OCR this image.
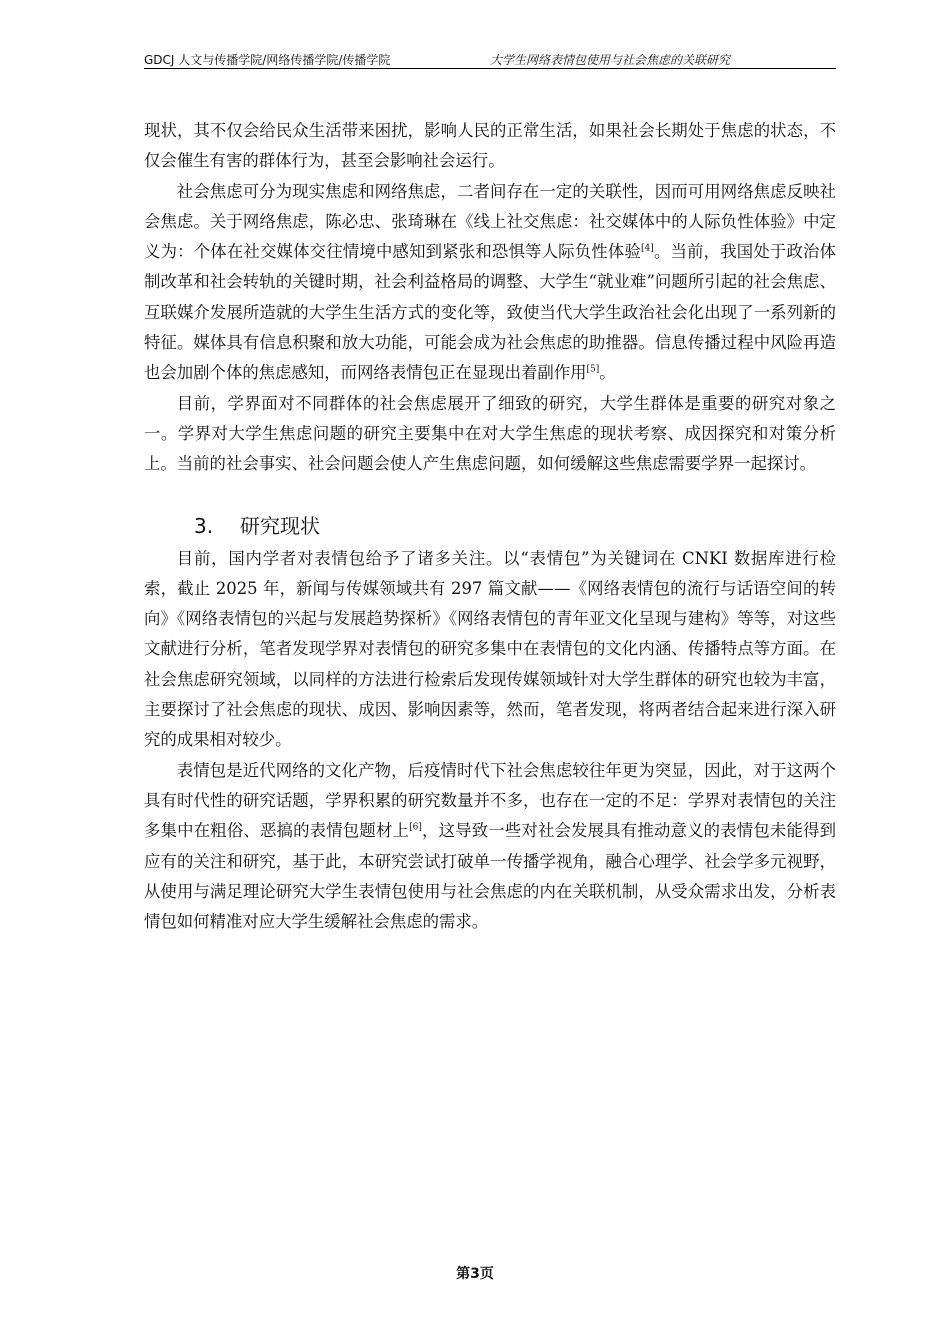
GDCJ 人文与传播学院/网络传播学院/传播学院	大学生网络表情包使用与社会焦虑的关联研究

现状，其不仅会给民众生活带来困扰，影响人民的正常生活，如果社会长期处于焦虑的状态，不仅会催生有害的群体行为，甚至会影响社会运行。

社会焦虑可分为现实焦虑和网络焦虑，二者间存在一定的关联性，因而可用网络焦虑反映社会焦虑。关于网络焦虑，陈必忠、张琦琳在《线上社交焦虑：社交媒体中的人际负性体验》中定义为：个体在社交媒体交往情境中感知到紧张和恐惧等人际负性体验[4]。当前，我国处于政治体制改革和社会转轨的关键时期，社会利益格局的调整、大学生“就业难”问题所引起的社会焦虑、互联媒介发展所造就的大学生生活方式的变化等，致使当代大学生政治社会化出现了一系列新的特征。媒体具有信息积聚和放大功能，可能会成为社会焦虑的助推器。信息传播过程中风险再造也会加剧个体的焦虑感知，而网络表情包正在显现出着副作用[5]。

目前，学界面对不同群体的社会焦虑展开了细致的研究，大学生群体是重要的研究对象之一。学界对大学生焦虑问题的研究主要集中在对大学生焦虑的现状考察、成因探究和对策分析上。当前的社会事实、社会问题会使人产生焦虑问题，如何缓解这些焦虑需要学界一起探讨。

3. 研究现状

目前，国内学者对表情包给予了诸多关注。以“表情包”为关键词在 CNKI 数据库进行检索，截止 2025 年，新闻与传媒领域共有 297 篇文献——《网络表情包的流行与话语空间的转向》《网络表情包的兴起与发展趋势探析》《网络表情包的青年亚文化呈现与建构》等等，对这些文献进行分析，笔者发现学界对表情包的研究多集中在表情包的文化内涵、传播特点等方面。在社会焦虑研究领域，以同样的方法进行检索后发现传媒领域针对大学生群体的研究也较为丰富，主要探讨了社会焦虑的现状、成因、影响因素等，然而，笔者发现，将两者结合起来进行深入研究的成果相对较少。

表情包是近代网络的文化产物，后疫情时代下社会焦虑较往年更为突显，因此，对于这两个具有时代性的研究话题，学界积累的研究数量并不多，也存在一定的不足：学界对表情包的关注多集中在粗俗、恶搞的表情包题材上[6]，这导致一些对社会发展具有推动意义的表情包未能得到应有的关注和研究，基于此，本研究尝试打破单一传播学视角，融合心理学、社会学多元视野，从使用与满足理论研究大学生表情包使用与社会焦虑的内在关联机制，从受众需求出发，分析表情包如何精准对应大学生缓解社会焦虑的需求。

第3页
